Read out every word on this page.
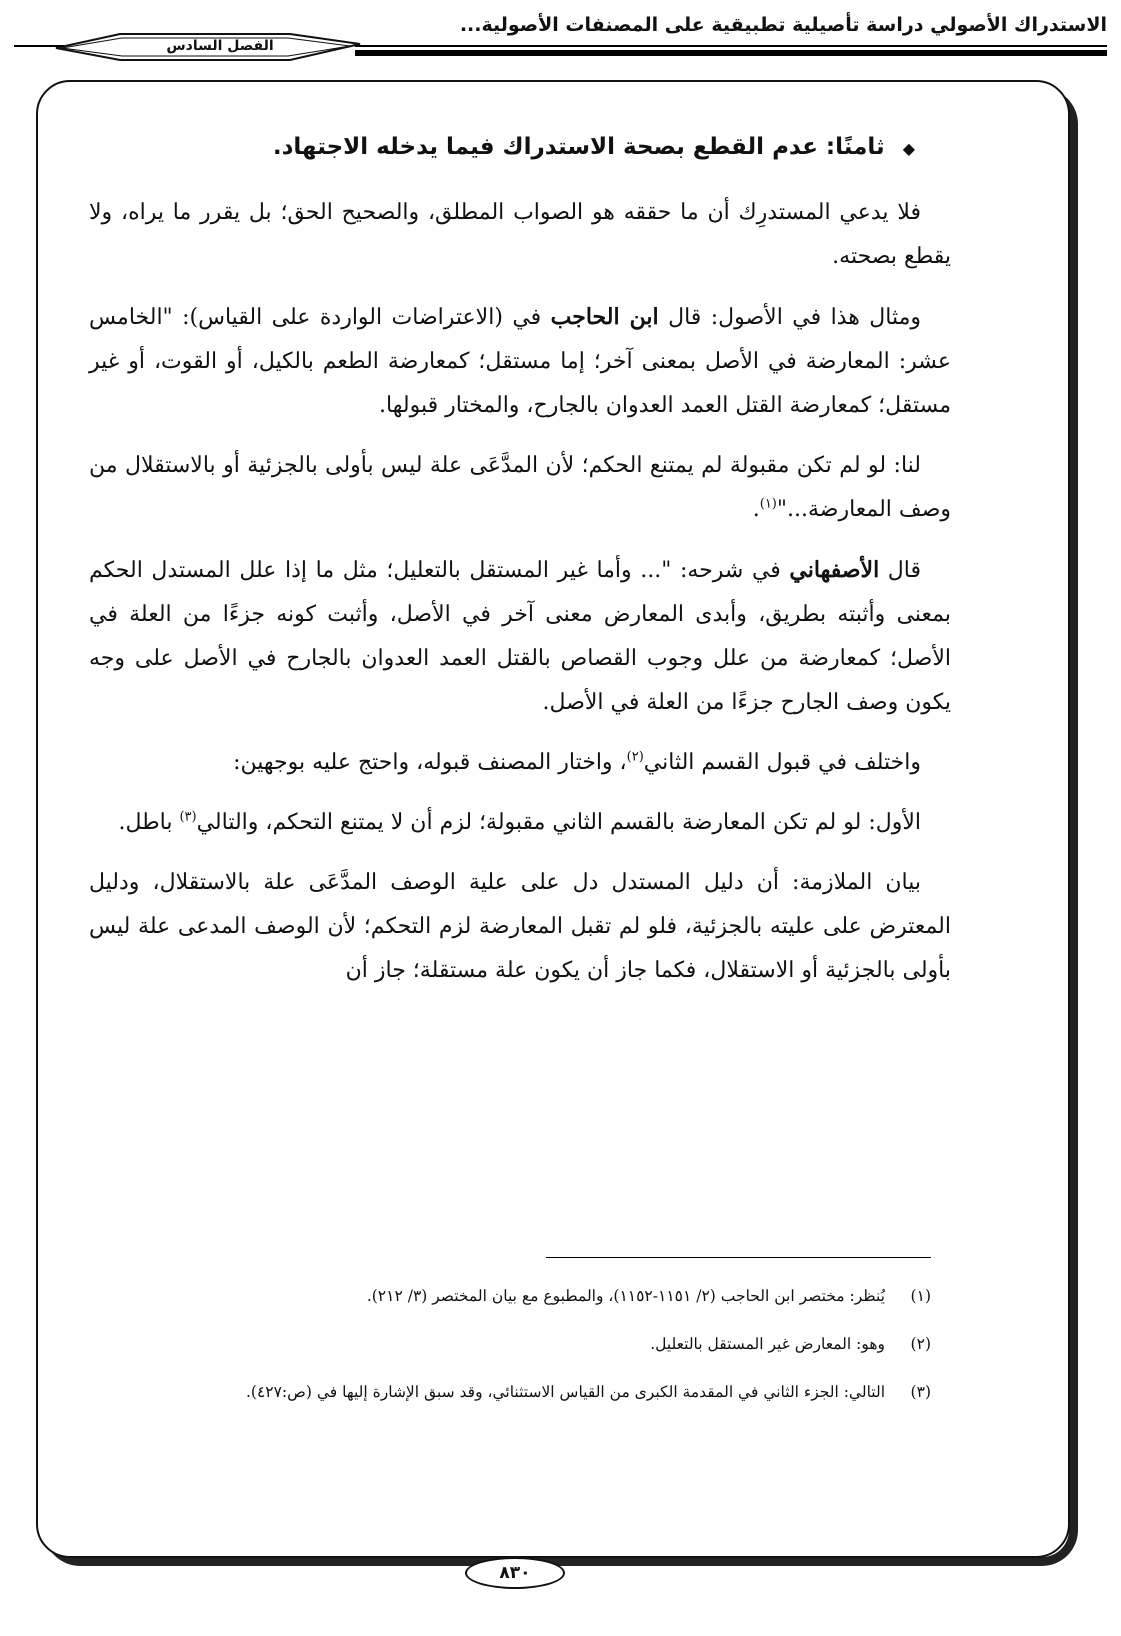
الاستدراك الأصولي دراسة تأصيلية تطبيقية على المصنفات الأصولية...
الفصل السادس

◆ ثامنًا: عدم القطع بصحة الاستدراك فيما يدخله الاجتهاد.

فلا يدعي المستدرِك أن ما حققه هو الصواب المطلق، والصحيح الحق؛ بل يقرر ما يراه، ولا يقطع بصحته.

ومثال هذا في الأصول: قال ابن الحاجب في (الاعتراضات الواردة على القياس): "الخامس عشر: المعارضة في الأصل بمعنى آخر؛ إما مستقل؛ كمعارضة الطعم بالكيل، أو القوت، أو غير مستقل؛ كمعارضة القتل العمد العدوان بالجارح، والمختار قبولها.

لنا: لو لم تكن مقبولة لم يمتنع الحكم؛ لأن المدَّعَى علة ليس بأولى بالجزئية أو بالاستقلال من وصف المعارضة..."$^{(١)}$.

قال الأصفهاني في شرحه: "... وأما غير المستقل بالتعليل؛ مثل ما إذا علل المستدل الحكم بمعنى وأثبته بطريق، وأبدى المعارض معنى آخر في الأصل، وأثبت كونه جزءًا من العلة في الأصل؛ كمعارضة من علل وجوب القصاص بالقتل العمد العدوان بالجارح في الأصل على وجه يكون وصف الجارح جزءًا من العلة في الأصل.

واختلف في قبول القسم الثاني$^{(٢)}$، واختار المصنف قبوله، واحتج عليه بوجهين:

الأول: لو لم تكن المعارضة بالقسم الثاني مقبولة؛ لزم أن لا يمتنع التحكم، والتالي$^{(٣)}$ باطل.

بيان الملازمة: أن دليل المستدل دل على علية الوصف المدَّعَى علة بالاستقلال، ودليل المعترض على عليته بالجزئية، فلو لم تقبل المعارضة لزم التحكم؛ لأن الوصف المدعى علة ليس بأولى بالجزئية أو الاستقلال، فكما جاز أن يكون علة مستقلة؛ جاز أن

(١)يُنظر: مختصر ابن الحاجب (٢/ ١١٥١-١١٥٢)، والمطبوع مع بيان المختصر (٣/ ٢١٢).

(٢)وهو: المعارض غير المستقل بالتعليل.

(٣)التالي: الجزء الثاني في المقدمة الكبرى من القياس الاستثنائي، وقد سبق الإشارة إليها في (ص:٤٢٧).

٨٣٠
